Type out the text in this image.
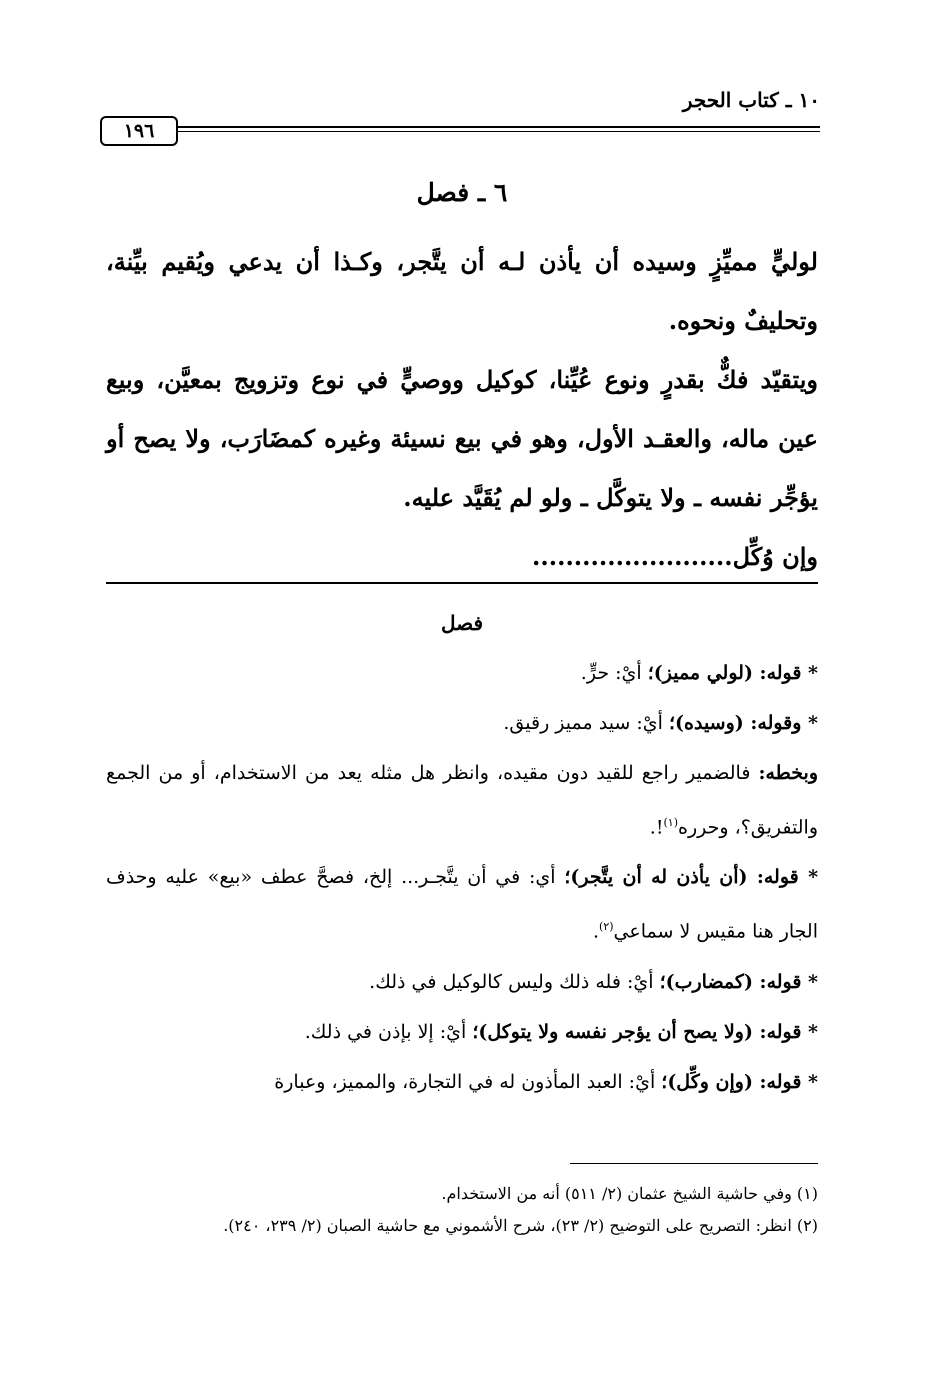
١٠ ـ كتاب الحجر
١٩٦
٦ ـ فصل

لوليٍّ مميِّزٍ وسيده أن يأذن لـه أن يتَّجر، وكـذا أن يدعي ويُقيم بيِّنة، وتحليفٌ ونحوه.

ويتقيّد فكٌّ بقدرٍ ونوع عُيِّنا، كوكيل ووصيٍّ في نوع وتزويج بمعيَّن، وبيع عين ماله، والعقـد الأول، وهو في بيع نسيئة وغيره كمضَارَب، ولا يصح أو يؤجِّر نفسه ـ ولا يتوكَّل ـ ولو لم يُقَيَّد عليه.

وإن وُكِّل........................

فصل

* قوله: (لولي مميز)؛ أيْ: حرٍّ.

* وقوله: (وسيده)؛ أيْ: سيد مميز رقيق.

وبخطه: فالضمير راجع للقيد دون مقيده، وانظر هل مثله يعد من الاستخدام، أو من الجمع والتفريق؟، وحرره$^{(١)}$!.

* قوله: (أن يأذن له أن يتَّجر)؛ أي: في أن يتَّجـر... إلخ، فصحَّ عطف «بيع» عليه وحذف الجار هنا مقيس لا سماعي$^{(٢)}$.

* قوله: (كمضارب)؛ أيْ: فله ذلك وليس كالوكيل في ذلك.

* قوله: (ولا يصح أن يؤجر نفسه ولا يتوكل)؛ أيْ: إلا بإذن في ذلك.

* قوله: (وإن وكِّل)؛ أيْ: العبد المأذون له في التجارة، والمميز، وعبارة

(١) وفي حاشية الشيخ عثمان (٢/ ٥١١) أنه من الاستخدام.

(٢) انظر: التصريح على التوضيح (٢/ ٢٣)، شرح الأشموني مع حاشية الصبان (٢/ ٢٣٩، ٢٤٠).
